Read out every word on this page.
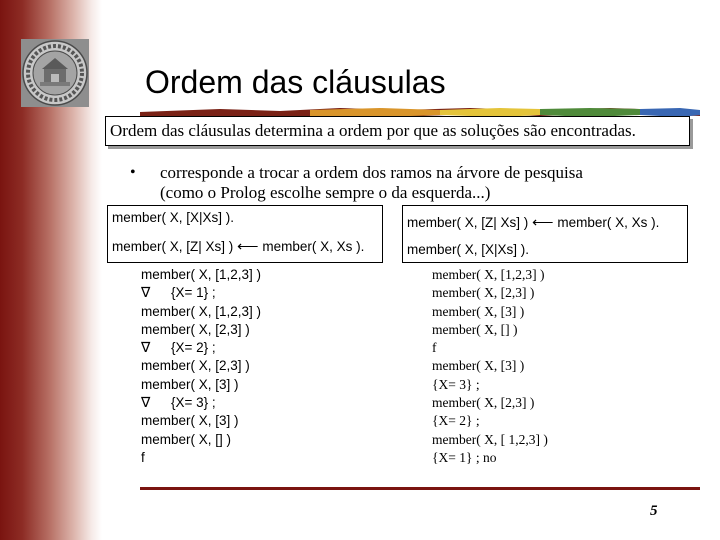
Ordem das cláusulas
Ordem das cláusulas determina a ordem por que as soluções são encontradas.
• corresponde a trocar a ordem dos ramos na árvore de pesquisa
(como o Prolog escolhe sempre o da esquerda...)
member( X, [X|Xs] ).
member( X, [Z| Xs] ) ⟵ member( X, Xs ).
member( X, [Z| Xs] ) ⟵ member( X, Xs ).
member( X, [X|Xs] ).
member( X, [1,2,3] )
∇ {X= 1} ;
member( X, [1,2,3] )
member( X, [2,3] )
∇ {X= 2} ;
member( X, [2,3] )
member( X, [3] )
∇ {X= 3} ;
member( X, [3] )
member( X, [] )
f
member( X, [1,2,3] )
member( X, [2,3] )
member( X, [3] )
member( X, [] )
f
member( X, [3] )
{X= 3} ;
member( X, [2,3] )
{X= 2} ;
member( X, [ 1,2,3] )
{X= 1} ; no
5
